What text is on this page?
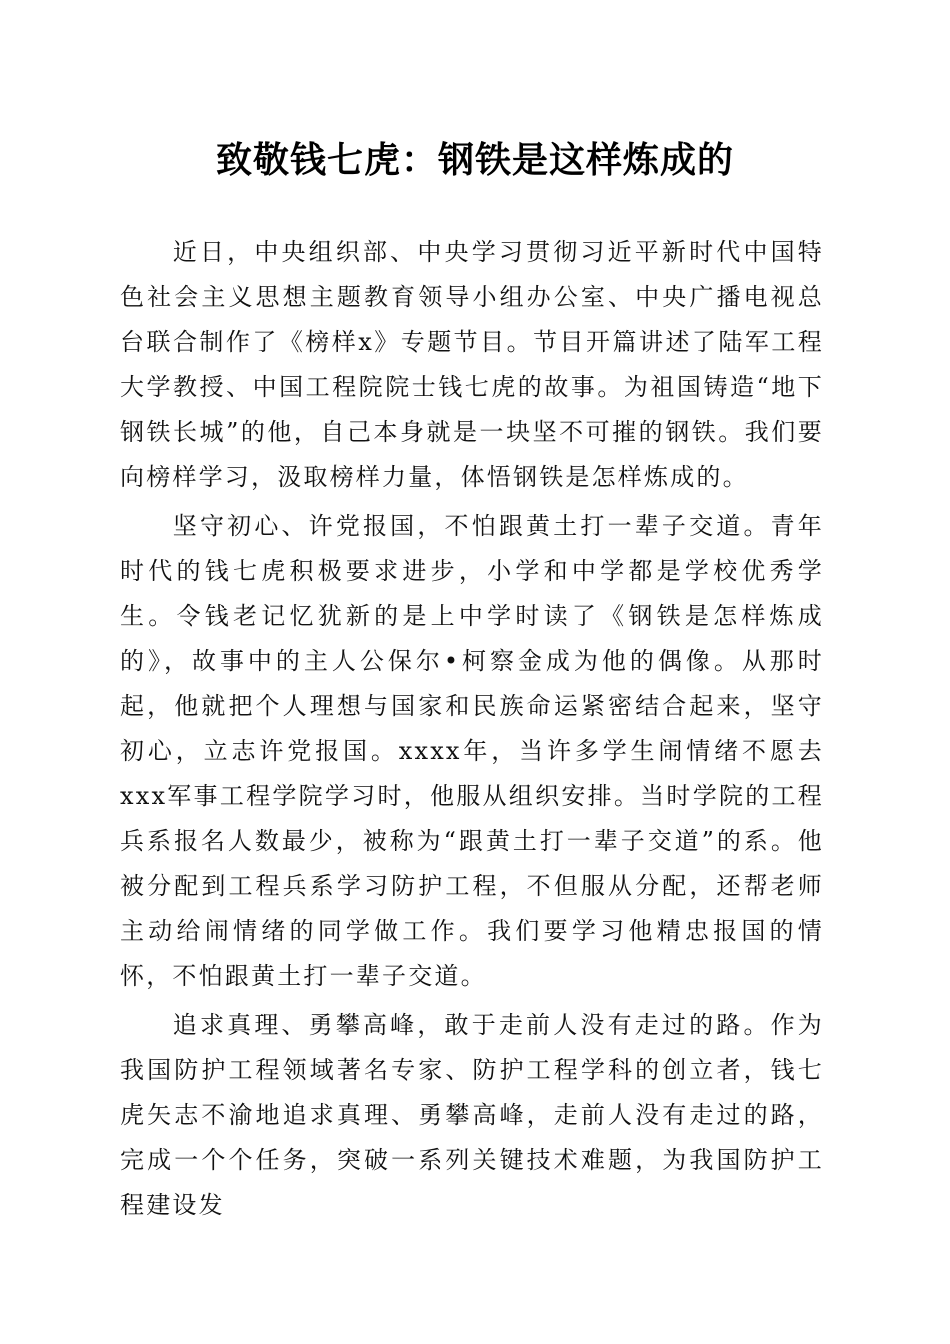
致敬钱七虎：钢铁是这样炼成的

近日，中央组织部、中央学习贯彻习近平新时代中国特色社会主义思想主题教育领导小组办公室、中央广播电视总台联合制作了《榜样x》专题节目。节目开篇讲述了陆军工程大学教授、中国工程院院士钱七虎的故事。为祖国铸造“地下钢铁长城”的他，自己本身就是一块坚不可摧的钢铁。我们要向榜样学习，汲取榜样力量，体悟钢铁是怎样炼成的。

坚守初心、许党报国，不怕跟黄土打一辈子交道。青年时代的钱七虎积极要求进步，小学和中学都是学校优秀学生。令钱老记忆犹新的是上中学时读了《钢铁是怎样炼成的》，故事中的主人公保尔•柯察金成为他的偶像。从那时起，他就把个人理想与国家和民族命运紧密结合起来，坚守初心，立志许党报国。xxxx年，当许多学生闹情绪不愿去xxx军事工程学院学习时，他服从组织安排。当时学院的工程兵系报名人数最少，被称为“跟黄土打一辈子交道”的系。他被分配到工程兵系学习防护工程，不但服从分配，还帮老师主动给闹情绪的同学做工作。我们要学习他精忠报国的情怀，不怕跟黄土打一辈子交道。

追求真理、勇攀高峰，敢于走前人没有走过的路。作为我国防护工程领域著名专家、防护工程学科的创立者，钱七虎矢志不渝地追求真理、勇攀高峰，走前人没有走过的路，完成一个个任务，突破一系列关键技术难题，为我国防护工程建设发
